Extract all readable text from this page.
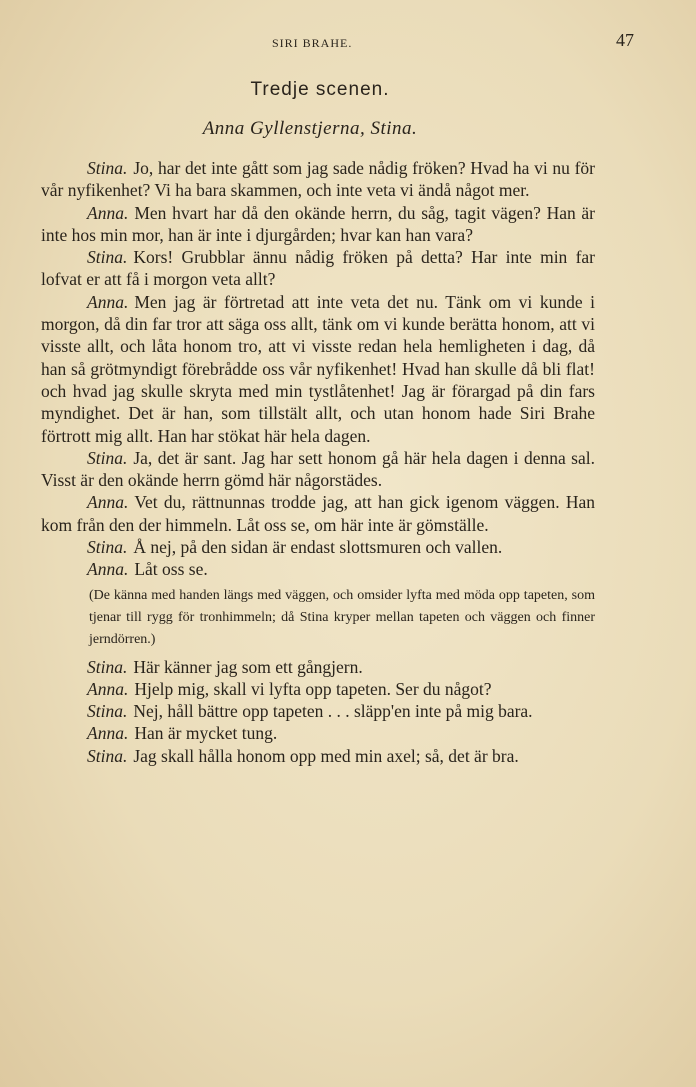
SIRI BRAHE.	47
Tredje scenen.
Anna Gyllenstjerna, Stina.

Stina. Jo, har det inte gått som jag sade nådig fröken? Hvad ha vi nu för vår nyfikenhet? Vi ha bara skammen, och inte veta vi ändå något mer.

Anna. Men hvart har då den okände herrn, du såg, tagit vägen? Han är inte hos min mor, han är inte i djurgården; hvar kan han vara?

Stina. Kors! Grubblar ännu nådig fröken på detta? Har inte min far lofvat er att få i morgon veta allt?

Anna. Men jag är förtretad att inte veta det nu. Tänk om vi kunde i morgon, då din far tror att säga oss allt, tänk om vi kunde berätta honom, att vi visste allt, och låta honom tro, att vi visste redan hela hemligheten i dag, då han så grötmyndigt förebrådde oss vår nyfikenhet! Hvad han skulle då bli flat! och hvad jag skulle skryta med min tystlåtenhet! Jag är förargad på din fars myndighet. Det är han, som tillstält allt, och utan honom hade Siri Brahe förtrott mig allt. Han har stökat här hela dagen.

Stina. Ja, det är sant. Jag har sett honom gå här hela dagen i denna sal. Visst är den okände herrn gömd här någorstädes.

Anna. Vet du, rättnunnas trodde jag, att han gick igenom väggen. Han kom från den der himmeln. Låt oss se, om här inte är gömställe.

Stina. Å nej, på den sidan är endast slottsmuren och vallen.

Anna. Låt oss se.

(De känna med handen längs med väggen, och omsider lyfta med möda opp tapeten, som tjenar till rygg för tronhimmeln; då Stina kryper mellan tapeten och väggen och finner jerndörren.)

Stina. Här känner jag som ett gångjern.

Anna. Hjelp mig, skall vi lyfta opp tapeten. Ser du något?

Stina. Nej, håll bättre opp tapeten . . . släpp'en inte på mig bara.

Anna. Han är mycket tung.

Stina. Jag skall hålla honom opp med min axel; så, det är bra.
